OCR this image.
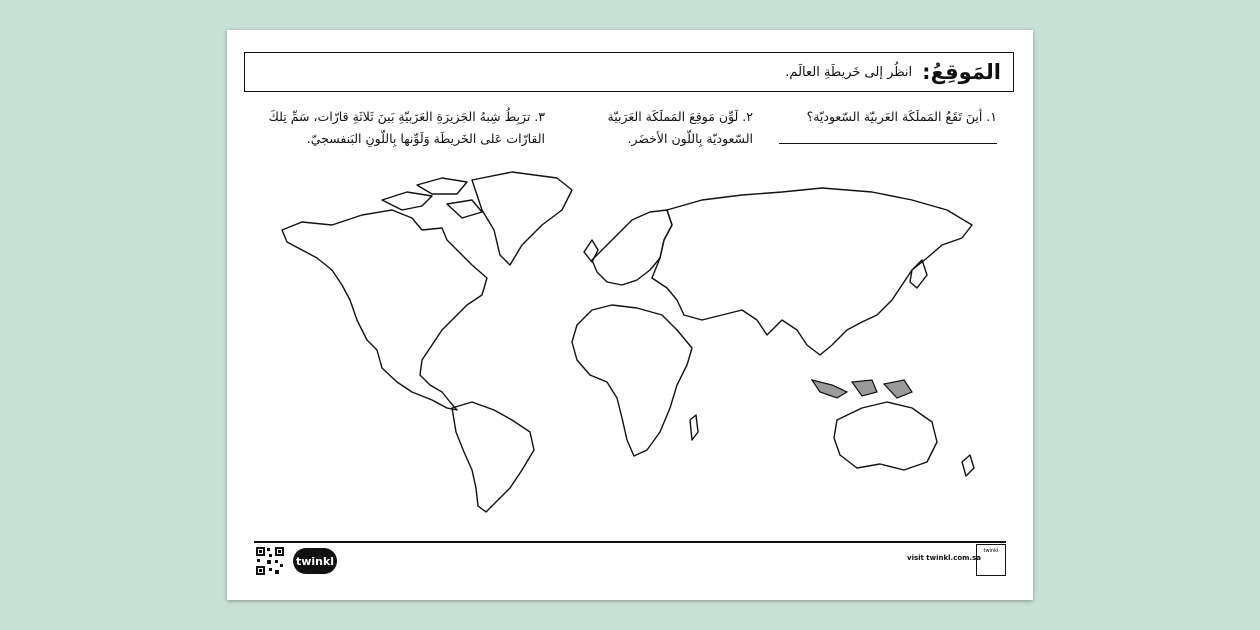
المَوقِعُ:
انظُر إلى خَريطَةِ العالَم.
١. أينَ تَقَعُ المَملَكَة العَربيّة السّعوديّة؟
٢. لَوِّن مَوقِعَ المَملَكَة العَرَبيّة السّعوديّة بِاللّون الأخضَر.
٣. ترَبِطُ شِبهُ الجَزيرَةِ العَرَبيّةِ بَينَ ثَلاثَةِ قارّات، سَمِّ تِلكَ القارّات عَلى الخَريطَة وَلَوِّنها بِاللّونِ البَنفسجيّ.
twinkl	visit twinkl.com.sa
twinkl
